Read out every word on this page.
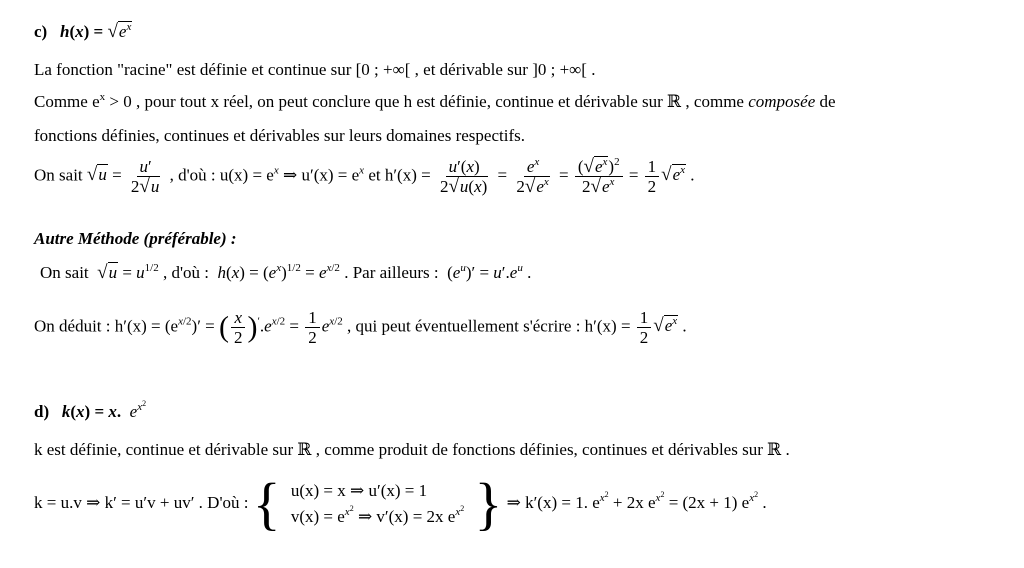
c) $h(x) = √e^x$
La fonction "racine" est définie et continue sur [0 ; +∞[ , et dérivable sur ]0 ; +∞[ .
Comme $e^x > 0$ , pour tout x réel, on peut conclure que h est définie, continue et dérivable sur ℝ , comme composée de
fonctions définies, continues et dérivables sur leurs domaines respectifs.
On sait $√u = \frac{u'}{2√u}$ , d'où : $u(x) = e^x$ ⇒ $u'(x) = e^x$ et $h'(x) = \frac{u'(x)}{2√u(x)} = \frac{e^x}{2√e^x} = \frac{(√e^x)^2}{2√e^x} = \frac{1}{2} √e^x$ .
Autre Méthode (préférable) :
On sait  $√u = u^{1/2}$ , d'où :  $h(x) = (e^x)^{1/2} = e^{x/2}$ . Par ailleurs :  $(e^u)' = u'.e^u$ .
On déduit : $h'(x) = (e^{x/2})'$ = ( $\frac{x}{2} )'.e^{x/2} = \frac{1}{2} e^{x/2}$ , qui peut éventuellement s'écrire : $h'(x) = \frac{1}{2} √e^x$ .
d) k(x) = x. $e^{x^2}$
k est définie, continue et dérivable sur ℝ , comme produit de fonctions définies, continues et dérivables sur ℝ .
k = u.v ⇒ k′ = u′v + uv′ . D'où : { u(x) = x ⇒ u′(x) = 1
$v(x) = e^{x^2}$ ⇒ v′(x) = 2x $e^{x^2}$ } ⇒ k′(x) = 1. $e^{x^2} + 2x$ $e^{x^2} = (2x + 1)$ $e^{x^2}$ .
